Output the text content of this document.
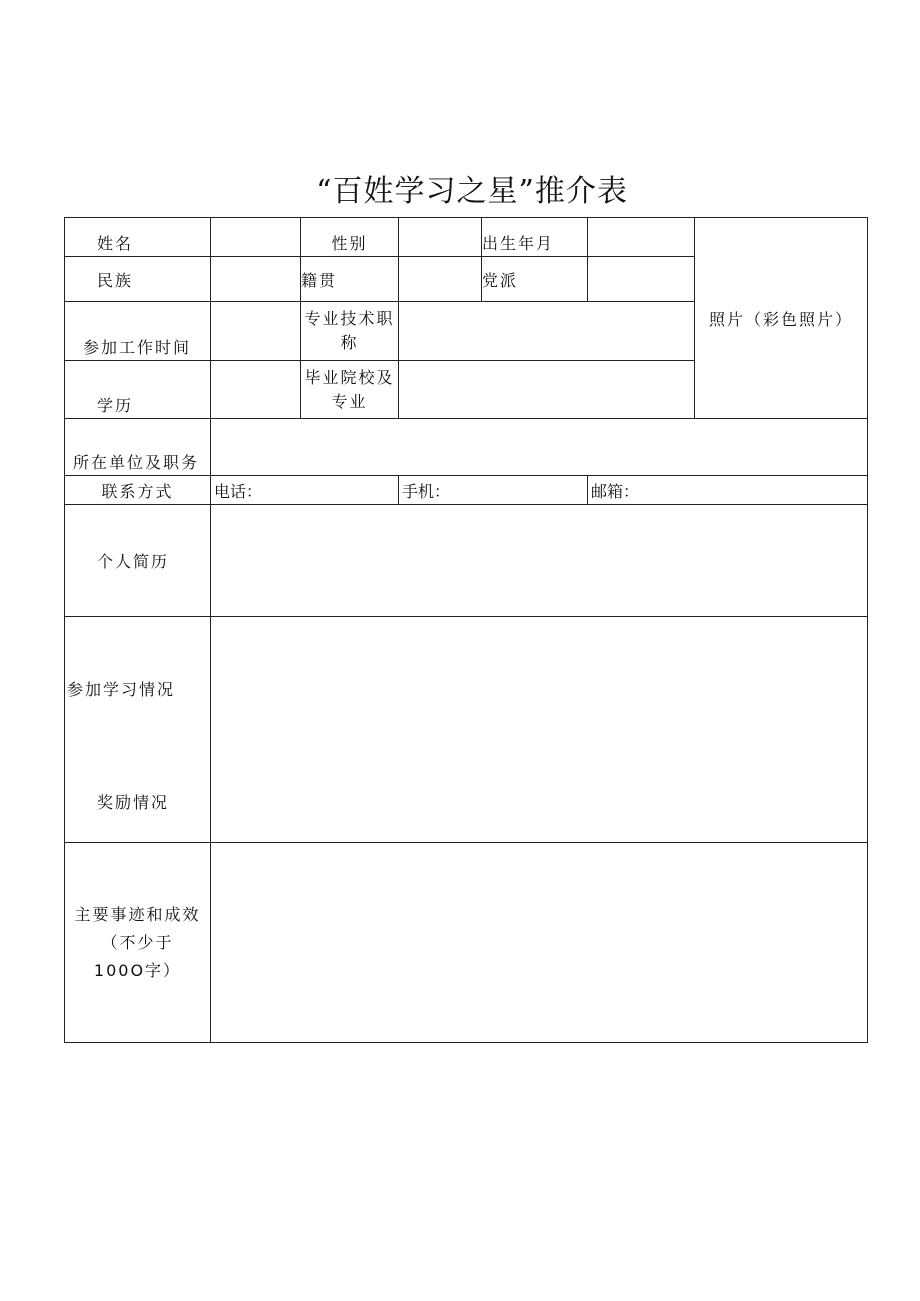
“百姓学习之星”推介表
姓名		性别		出生年月		照片（彩色照片）
民族		籍贯		党派		
参加工作时间		专业技术职
称				

学历		毕业院校及
专业				

所在单位及职务						
联系方式	电话：		手机：		邮箱：	
个人简历						

参加学习情况
奖励情况						

主要事迹和成效
（不少于
100O字）						
